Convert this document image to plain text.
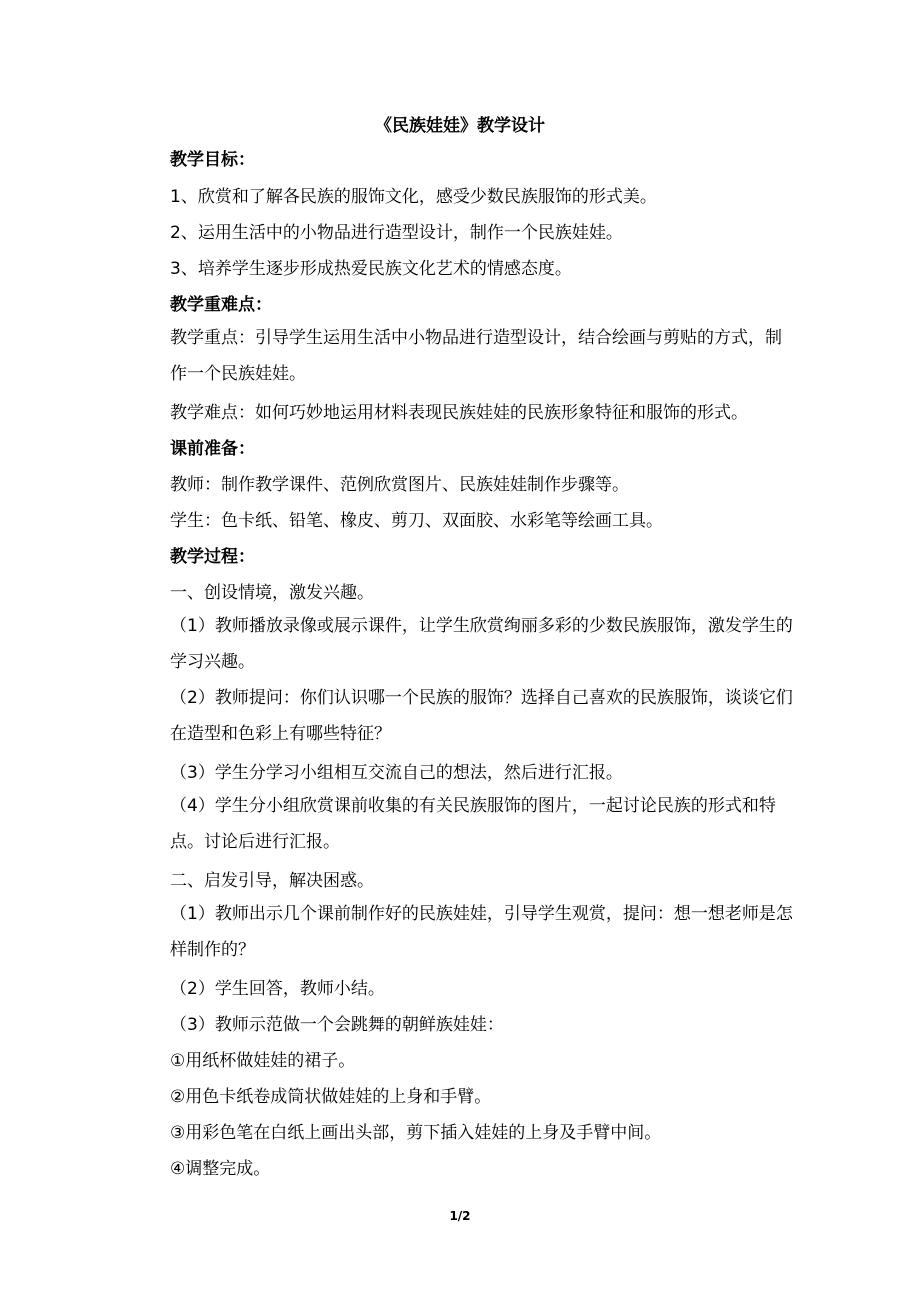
《民族娃娃》教学设计
教学目标：
1、欣赏和了解各民族的服饰文化，感受少数民族服饰的形式美。
2、运用生活中的小物品进行造型设计，制作一个民族娃娃。
3、培养学生逐步形成热爱民族文化艺术的情感态度。
教学重难点：
教学重点：引导学生运用生活中小物品进行造型设计，结合绘画与剪贴的方式，制作一个民族娃娃。
教学难点：如何巧妙地运用材料表现民族娃娃的民族形象特征和服饰的形式。
课前准备：
教师：制作教学课件、范例欣赏图片、民族娃娃制作步骤等。
学生：色卡纸、铅笔、橡皮、剪刀、双面胶、水彩笔等绘画工具。
教学过程：
一、创设情境，激发兴趣。
（1）教师播放录像或展示课件，让学生欣赏绚丽多彩的少数民族服饰，激发学生的学习兴趣。
（2）教师提问：你们认识哪一个民族的服饰？选择自己喜欢的民族服饰，谈谈它们在造型和色彩上有哪些特征？
（3）学生分学习小组相互交流自己的想法，然后进行汇报。
（4）学生分小组欣赏课前收集的有关民族服饰的图片，一起讨论民族的形式和特点。讨论后进行汇报。
二、启发引导，解决困惑。
（1）教师出示几个课前制作好的民族娃娃，引导学生观赏，提问：想一想老师是怎样制作的？
（2）学生回答，教师小结。
（3）教师示范做一个会跳舞的朝鲜族娃娃：
①用纸杯做娃娃的裙子。
②用色卡纸卷成筒状做娃娃的上身和手臂。
③用彩色笔在白纸上画出头部，剪下插入娃娃的上身及手臂中间。
④调整完成。
1/2
